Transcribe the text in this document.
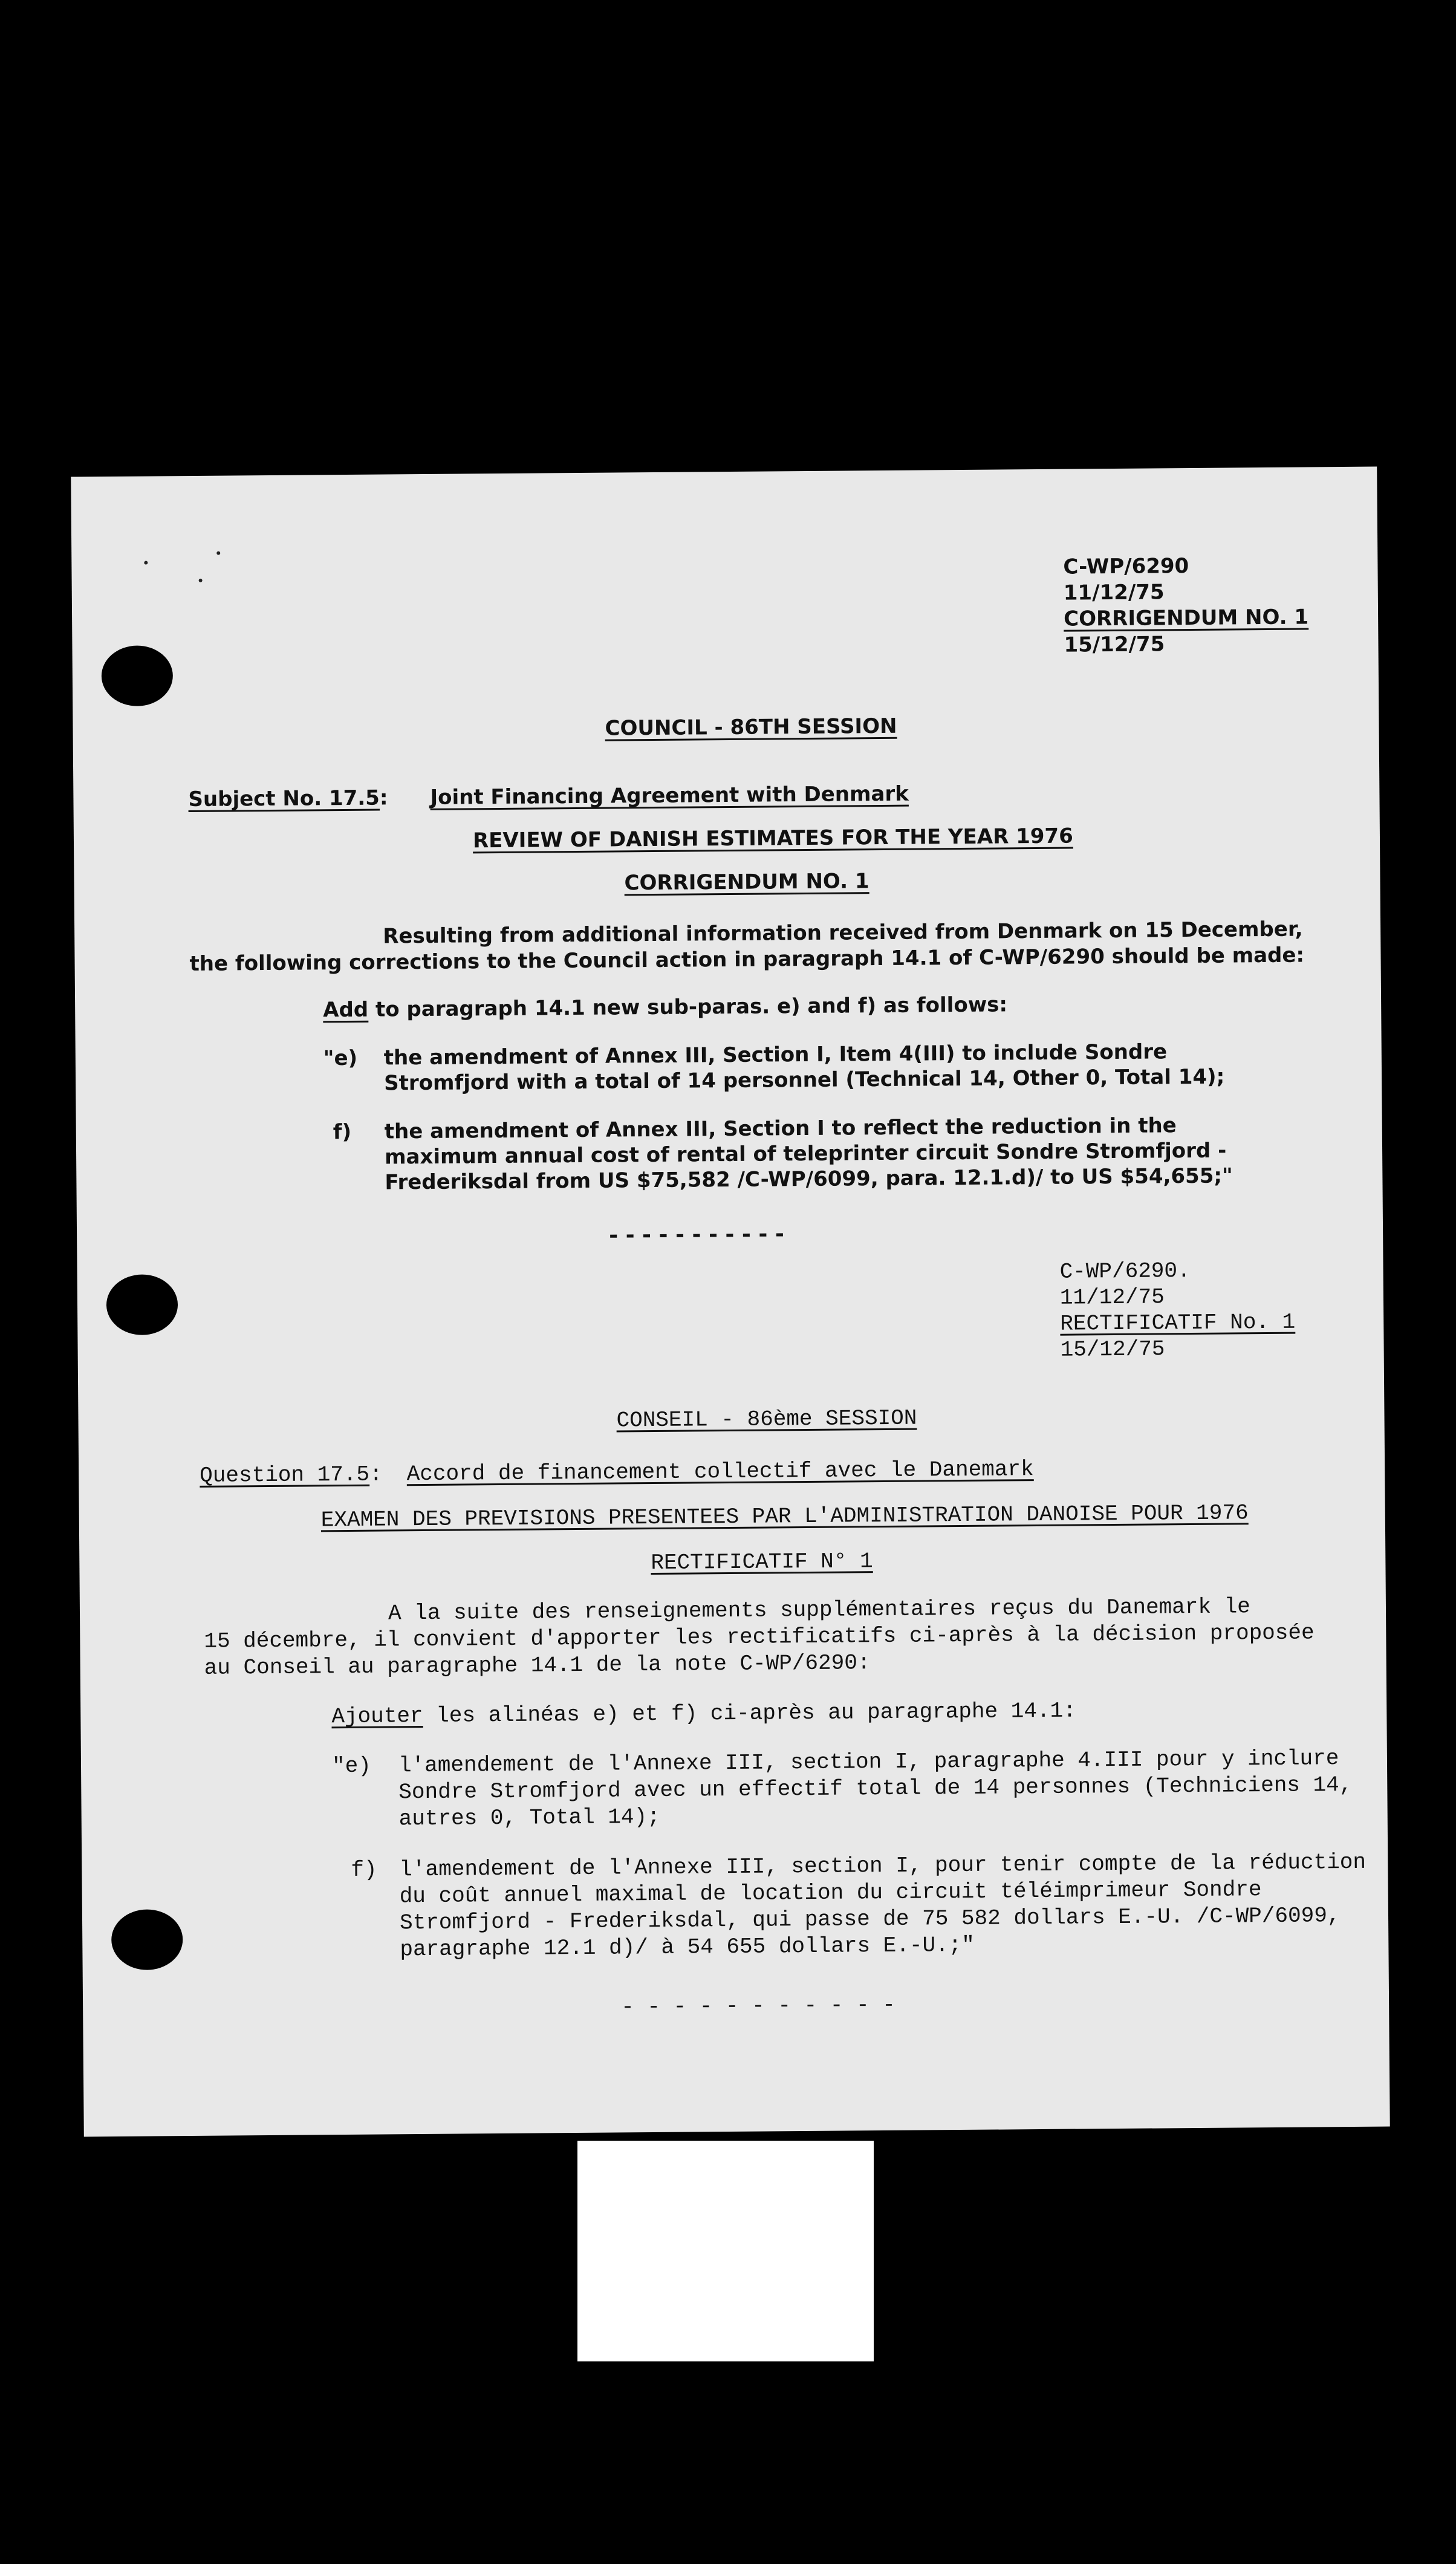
C-WP/6290
11/12/75
CORRIGENDUM NO. 1
15/12/75
COUNCIL - 86TH SESSION
Subject No. 17.5: Joint Financing Agreement with Denmark
REVIEW OF DANISH ESTIMATES FOR THE YEAR 1976
CORRIGENDUM NO. 1
Resulting from additional information received from Denmark on 15 December,
the following corrections to the Council action in paragraph 14.1 of C-WP/6290 should be made:
Add to paragraph 14.1 new sub-paras. e) and f) as follows:
"e) the amendment of Annex III, Section I, Item 4(III) to include Sondre
Stromfjord with a total of 14 personnel (Technical 14, Other 0, Total 14);
f) the amendment of Annex III, Section I to reflect the reduction in the
maximum annual cost of rental of teleprinter circuit Sondre Stromfjord -
Frederiksdal from US $75,582 /C-WP/6099, para. 12.1.d)/ to US $54,655;"
- - - - - - - - - - -
C-WP/6290.
11/12/75
RECTIFICATIF No. 1
15/12/75
CONSEIL - 86ème SESSION
Question 17.5: Accord de financement collectif avec le Danemark
EXAMEN DES PREVISIONS PRESENTEES PAR L'ADMINISTRATION DANOISE POUR 1976
RECTIFICATIF N° 1
A la suite des renseignements supplémentaires reçus du Danemark le
15 décembre, il convient d'apporter les rectificatifs ci-après à la décision proposée
au Conseil au paragraphe 14.1 de la note C-WP/6290:
Ajouter les alinéas e) et f) ci-après au paragraphe 14.1:
"e) l'amendement de l'Annexe III, section I, paragraphe 4.III pour y inclure
Sondre Stromfjord avec un effectif total de 14 personnes (Techniciens 14,
autres 0, Total 14);
f) l'amendement de l'Annexe III, section I, pour tenir compte de la réduction
du coût annuel maximal de location du circuit téléimprimeur Sondre
Stromfjord - Frederiksdal, qui passe de 75 582 dollars E.-U. /C-WP/6099,
paragraphe 12.1 d)/ à 54 655 dollars E.-U.;"
- - - - - - - - - - -
